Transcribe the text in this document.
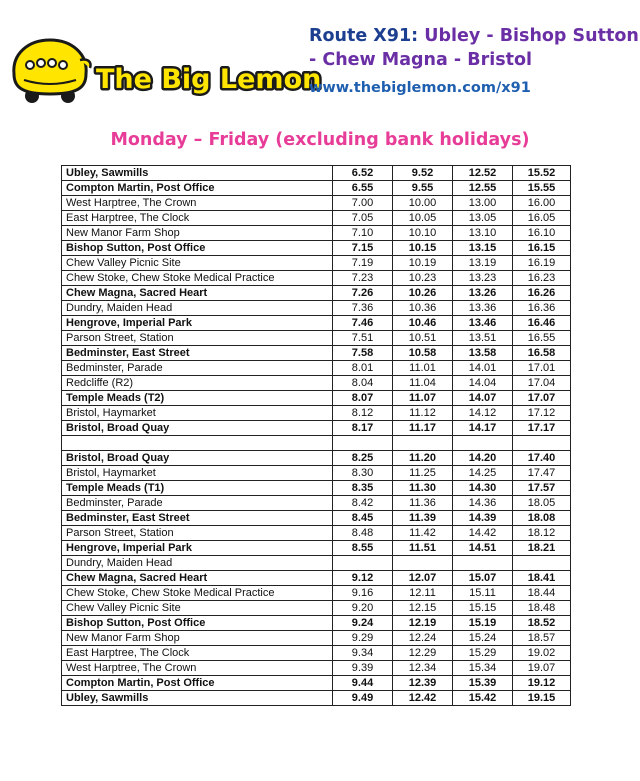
The Big Lemon
Route X91: Ubley - Bishop Sutton
- Chew Magna - Bristol
www.thebiglemon.com/x91
Monday – Friday (excluding bank holidays)
Ubley, Sawmills	6.52	9.52	12.52	15.52
Compton Martin, Post Office	6.55	9.55	12.55	15.55
West Harptree, The Crown	7.00	10.00	13.00	16.00
East Harptree, The Clock	7.05	10.05	13.05	16.05
New Manor Farm Shop	7.10	10.10	13.10	16.10
Bishop Sutton, Post Office	7.15	10.15	13.15	16.15
Chew Valley Picnic Site	7.19	10.19	13.19	16.19
Chew Stoke, Chew Stoke Medical Practice	7.23	10.23	13.23	16.23
Chew Magna, Sacred Heart	7.26	10.26	13.26	16.26
Dundry, Maiden Head	7.36	10.36	13.36	16.36
Hengrove, Imperial Park	7.46	10.46	13.46	16.46
Parson Street, Station	7.51	10.51	13.51	16.55
Bedminster, East Street	7.58	10.58	13.58	16.58
Bedminster, Parade	8.01	11.01	14.01	17.01
Redcliffe (R2)	8.04	11.04	14.04	17.04
Temple Meads (T2)	8.07	11.07	14.07	17.07
Bristol, Haymarket	8.12	11.12	14.12	17.12
Bristol, Broad Quay	8.17	11.17	14.17	17.17

Bristol, Broad Quay	8.25	11.20	14.20	17.40
Bristol, Haymarket	8.30	11.25	14.25	17.47
Temple Meads (T1)	8.35	11.30	14.30	17.57
Bedminster, Parade	8.42	11.36	14.36	18.05
Bedminster, East Street	8.45	11.39	14.39	18.08
Parson Street, Station	8.48	11.42	14.42	18.12
Hengrove, Imperial Park	8.55	11.51	14.51	18.21
Dundry, Maiden Head				
Chew Magna, Sacred Heart	9.12	12.07	15.07	18.41
Chew Stoke, Chew Stoke Medical Practice	9.16	12.11	15.11	18.44
Chew Valley Picnic Site	9.20	12.15	15.15	18.48
Bishop Sutton, Post Office	9.24	12.19	15.19	18.52
New Manor Farm Shop	9.29	12.24	15.24	18.57
East Harptree, The Clock	9.34	12.29	15.29	19.02
West Harptree, The Crown	9.39	12.34	15.34	19.07
Compton Martin, Post Office	9.44	12.39	15.39	19.12
Ubley, Sawmills	9.49	12.42	15.42	19.15
